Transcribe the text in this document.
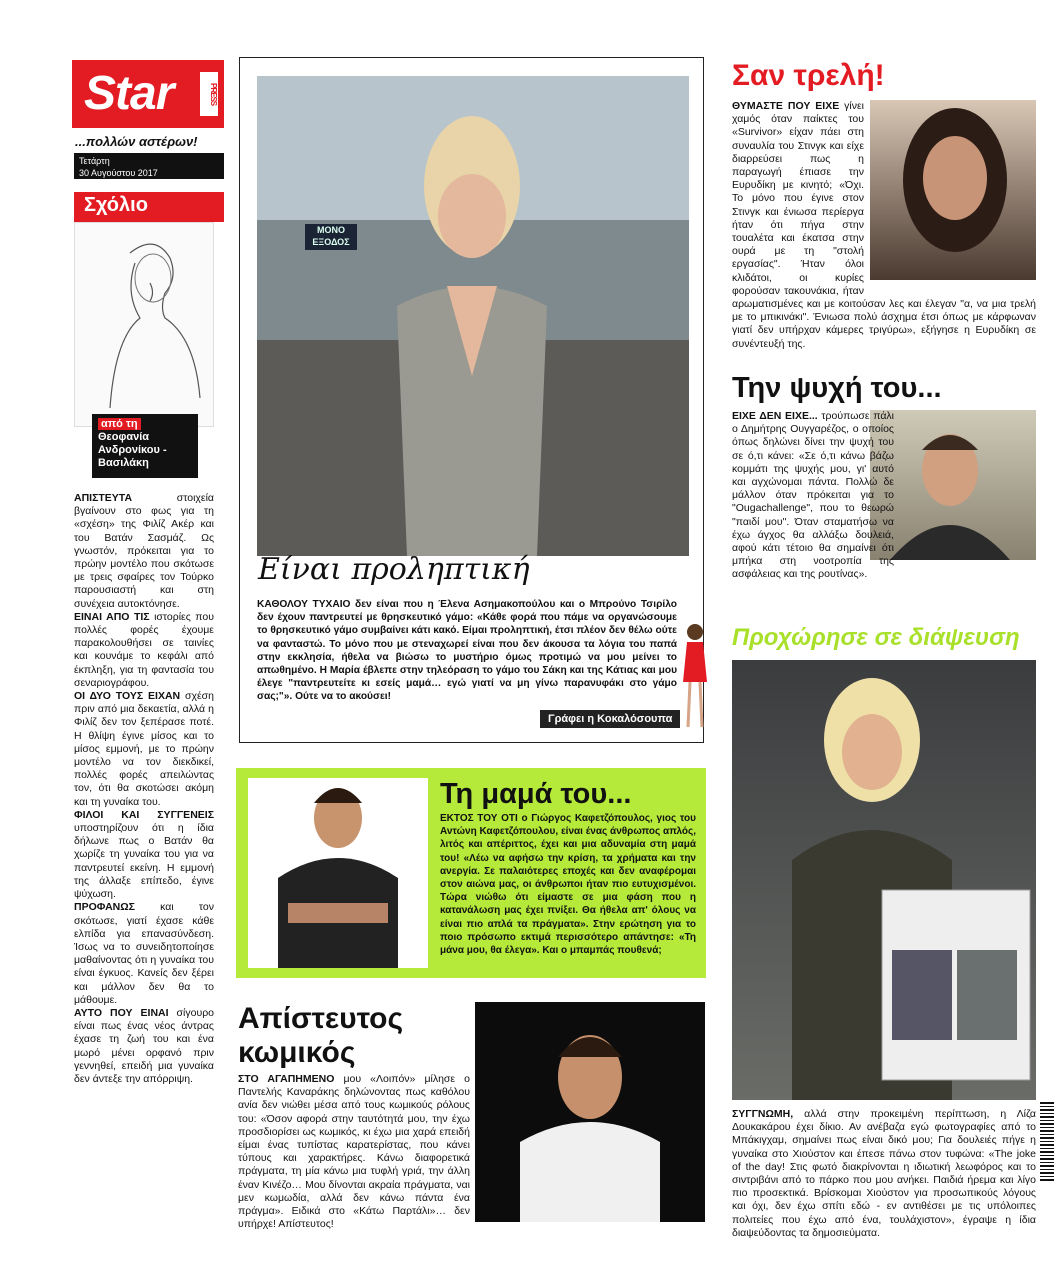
Star	PRESS
...πολλών αστέρων!
Τετάρτη
30 Αυγούστου 2017
Σχόλιο
από τη
Θεοφανία Ανδρονίκου - Βασιλάκη
ΑΠΙΣΤΕΥΤΑ στοιχεία βγαίνουν στο φως για τη «σχέση» της Φιλίζ Ακέρ και του Βατάν Σασμάζ. Ως γνωστόν, πρόκειται για το πρώην μοντέλο που σκότωσε με τρεις σφαίρες τον Τούρκο παρουσιαστή και στη συνέχεια αυτοκτόνησε.
ΕΙΝΑΙ ΑΠΟ ΤΙΣ ιστορίες που πολλές φορές έχουμε παρακολουθήσει σε ταινίες και κουνάμε το κεφάλι από έκπληξη, για τη φαντασία του σεναριογράφου.
ΟΙ ΔΥΟ ΤΟΥΣ ΕΙΧΑΝ σχέση πριν από μια δεκαετία, αλλά η Φιλίζ δεν τον ξεπέρασε ποτέ. Η θλίψη έγινε μίσος και το μίσος εμμονή, με το πρώην μοντέλο να τον διεκδικεί, πολλές φορές απειλώντας τον, ότι θα σκοτώσει ακόμη και τη γυναίκα του.
ΦΙΛΟΙ ΚΑΙ ΣΥΓΓΕΝΕΙΣ υποστηρίζουν ότι η ίδια δήλωνε πως ο Βατάν θα χωρίζε τη γυναίκα του για να παντρευτεί εκείνη. Η εμμονή της άλλαξε επίπεδο, έγινε ψύχωση.
ΠΡΟΦΑΝΩΣ και τον σκότωσε, γιατί έχασε κάθε ελπίδα για επανασύνδεση. Ίσως να το συνειδητοποίησε μαθαίνοντας ότι η γυναίκα του είναι έγκυος. Κανείς δεν ξέρει και μάλλον δεν θα το μάθουμε.
ΑΥΤΟ ΠΟΥ ΕΙΝΑΙ σίγουρο είναι πως ένας νέος άντρας έχασε τη ζωή του και ένα μωρό μένει ορφανό πριν γεννηθεί, επειδή μια γυναίκα δεν άντεξε την απόρριψη.
ΜΟΝΟ
ΕΞΟΔΟΣ
Είναι προληπτική
ΚΑΘΟΛΟΥ ΤΥΧΑΙΟ δεν είναι που η Έλενα Ασημακοπούλου και ο Μπρούνο Τσιρίλο δεν έχουν παντρευτεί με θρησκευτικό γάμο: «Κάθε φορά που πάμε να οργανώσουμε το θρησκευτικό γάμο συμβαίνει κάτι κακό. Είμαι προληπτική, έτσι πλέον δεν θέλω ούτε να φανταστώ. Το μόνο που με στεναχωρεί είναι που δεν άκουσα τα λόγια του παπά στην εκκλησία, ήθελα να βιώσω το μυστήριο όμως προτιμώ να μου μείνει το απωθημένο. Η Μαρία έβλεπε στην τηλεόραση το γάμο του Σάκη και της Κάτιας και μου έλεγε "παντρευτείτε κι εσείς μαμά… εγώ γιατί να μη γίνω παρανυφάκι στο γάμο σας;"». Ούτε να το ακούσει!
Γράφει η Κοκαλόσουπα
Σαν τρελή!
ΘΥΜΑΣΤΕ ΠΟΥ ΕΙΧΕ γίνει χαμός όταν παίκτες του «Survivor» είχαν πάει στη συναυλία του Στινγκ και είχε διαρρεύσει πως η παραγωγή έπιασε την Ευρυδίκη με κινητό; «Όχι. Το μόνο που έγινε στον Στινγκ και ένιωσα περίεργα ήταν ότι πήγα στην τουαλέτα και έκατσα στην ουρά με τη "στολή εργασίας". Ήταν όλοι κλιδάτοι, οι κυρίες φορούσαν τακουνάκια, ήταν αρωματισμένες και με κοιτούσαν λες και έλεγαν "α, να μια τρελή με το μπικινάκι". Ένιωσα πολύ άσχημα έτσι όπως με κάρφωναν γιατί δεν υπήρχαν κάμερες τριγύρω», εξήγησε η Ευρυδίκη σε συνέντευξή της.
Την ψυχή του...
ΕΙΧΕ ΔΕΝ ΕΙΧΕ... τρούπωσε πάλι ο Δημήτρης Ουγγαρέζος, ο οποίος όπως δηλώνει δίνει την ψυχή του σε ό,τι κάνει: «Σε ό,τι κάνω βάζω κομμάτι της ψυχής μου, γι' αυτό και αγχώνομαι πάντα. Πολλώ δε μάλλον όταν πρόκειται για το "Ougachallenge", που το θεωρώ "παιδί μου". Όταν σταματήσω να έχω άγχος θα αλλάξω δουλειά, αφού κάτι τέτοιο θα σημαίνει ότι μπήκα στη νοοτροπία της ασφάλειας και της ρουτίνας».
Προχώρησε σε διάψευση
ΣΥΓΓΝΩΜΗ, αλλά στην προκειμένη περίπτωση, η Λίζα Δουκακάρου έχει δίκιο. Αν ανέβαζα εγώ φωτογραφίες από το Μπάκιγχαμ, σημαίνει πως είναι δικό μου; Για δουλειές πήγε η γυναίκα στο Χιούστον και έπεσε πάνω στον τυφώνα: «The joke of the day! Στις φωτό διακρίνονται η ιδιωτική λεωφόρος και το σιντριβάνι από το πάρκο που μου ανήκει. Παιδιά ήρεμα και λίγο πιο προσεκτικά. Βρίσκομαι Χιούστον για προσωπικούς λόγους και όχι, δεν έχω σπίτι εδώ - εν αντιθέσει με τις υπόλοιπες πολιτείες που έχω από ένα, τουλάχιστον», έγραψε η ίδια διαψεύδοντας τα δημοσιεύματα.
Τη μαμά του...
ΕΚΤΟΣ ΤΟΥ ΟΤΙ ο Γιώργος Καφετζόπουλος, γιος του Αντώνη Καφετζόπουλου, είναι ένας άνθρωπος απλός, λιτός και απέριττος, έχει και μια αδυναμία στη μαμά του! «Λέω να αφήσω την κρίση, τα χρήματα και την ανεργία. Σε παλαιότερες εποχές και δεν αναφέρομαι στον αιώνα μας, οι άνθρωποι ήταν πιο ευτυχισμένοι. Τώρα νιώθω ότι είμαστε σε μια φάση που η κατανάλωση μας έχει πνίξει. Θα ήθελα απ' όλους να είναι πιο απλά τα πράγματα». Στην ερώτηση για το ποιο πρόσωπο εκτιμά περισσότερο απάντησε: «Τη μάνα μου, θα έλεγα». Και ο μπαμπάς πουθενά;
Απίστευτος
κωμικός
ΣΤΟ ΑΓΑΠΗΜΕΝΟ μου «Λοιπόν» μίλησε ο Παντελής Καναράκης δηλώνοντας πως καθόλου ανία δεν νιώθει μέσα από τους κωμικούς ρόλους του: «Όσον αφορά στην ταυτότητά μου, την έχω προσδιορίσει ως κωμικός, κι έχω μια χαρά επειδή είμαι ένας τυπίστας καρατερίστας, που κάνει τύπους και χαρακτήρες. Κάνω διαφορετικά πράγματα, τη μία κάνω μια τυφλή γριά, την άλλη έναν Κινέζο… Μου δίνονται ακραία πράγματα, ναι μεν κωμωδία, αλλά δεν κάνω πάντα ένα πράγμα». Ειδικά στο «Κάτω Παρτάλι»… δεν υπήρχε! Απίστευτος!
